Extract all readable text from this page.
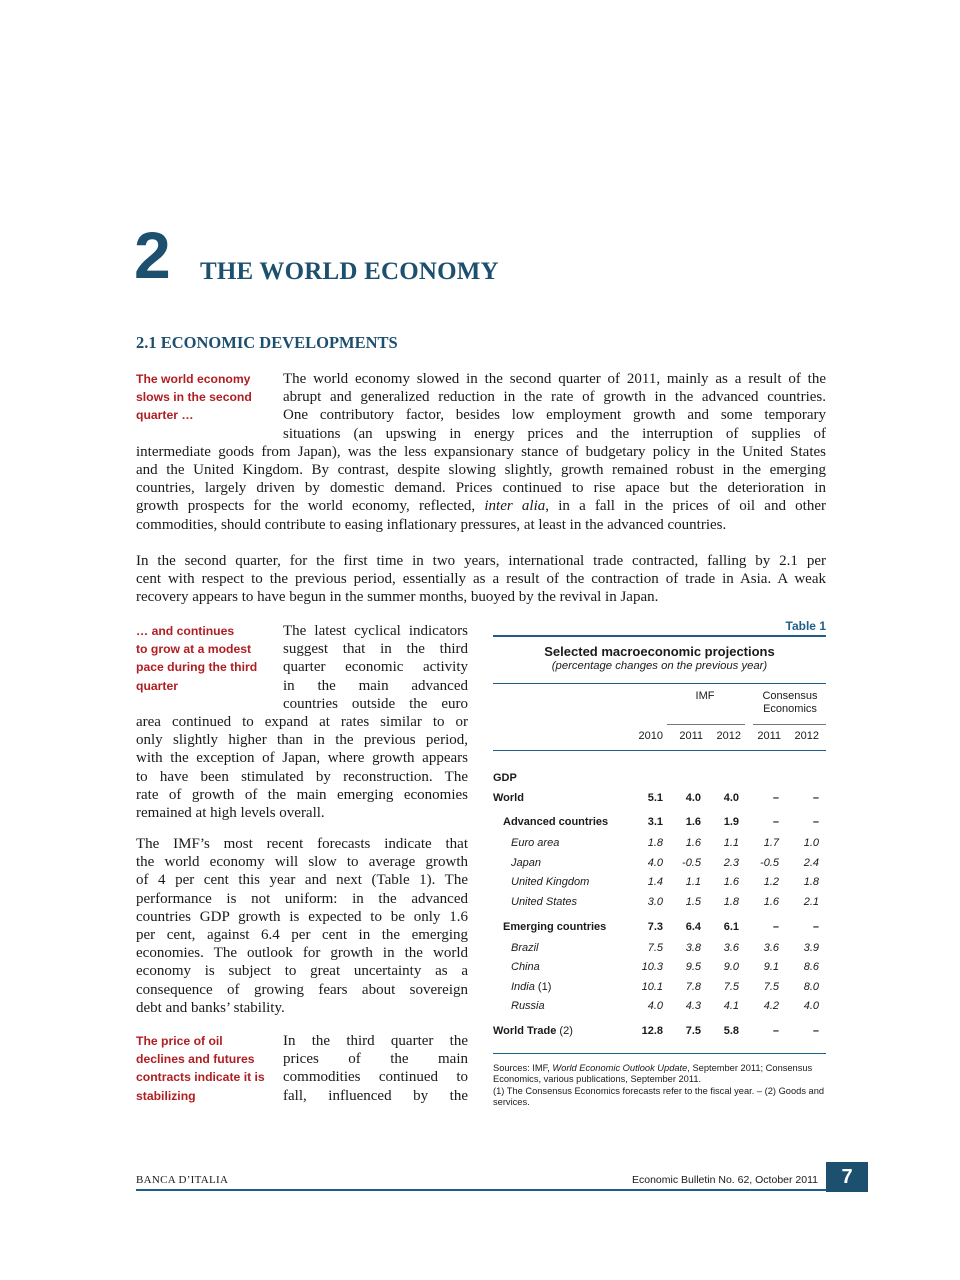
2 THE WORLD ECONOMY
2.1 ECONOMIC DEVELOPMENTS
The world economy
slows in the second
quarter …
… and continues
to grow at a modest
pace during the third
quarter
The price of oil
declines and futures
contracts indicate it is
stabilizing
The world economy slowed in the second quarter of 2011, mainly as a result of the
abrupt and generalized reduction in the rate of growth in the advanced countries.
One contributory factor, besides low employment growth and some temporary
situations (an upswing in energy prices and the interruption of supplies of
intermediate goods from Japan), was the less expansionary stance of budgetary policy in the United States
and the United Kingdom. By contrast, despite slowing slightly, growth remained robust in the emerging
countries, largely driven by domestic demand. Prices continued to rise apace but the deterioration in
growth prospects for the world economy, reflected, inter alia, in a fall in the prices of oil and other
commodities, should contribute to easing inflationary pressures, at least in the advanced countries.
In the second quarter, for the first time in two years, international trade contracted, falling by 2.1 per
cent with respect to the previous period, essentially as a result of the contraction of trade in Asia. A weak
recovery appears to have begun in the summer months, buoyed by the revival in Japan.
The latest cyclical indicators
suggest that in the third
quarter economic activity
in the main advanced
countries outside the euro
area continued to expand at rates similar to or
only slightly higher than in the previous period,
with the exception of Japan, where growth appears
to have been stimulated by reconstruction. The
rate of growth of the main emerging economies
remained at high levels overall.
The IMF’s most recent forecasts indicate that
the world economy will slow to average growth
of 4 per cent this year and next (Table 1). The
performance is not uniform: in the advanced
countries GDP growth is expected to be only 1.6
per cent, against 6.4 per cent in the emerging
economies. The outlook for growth in the world
economy is subject to great uncertainty as a
consequence of growing fears about sovereign
debt and banks’ stability.
In the third quarter the
prices of the main
commodities continued to
fall, influenced by the
Table 1
Selected macroeconomic projections
(percentage changes on the previous year)
IMF	Consensus
Economics
2010	2011	2012	2011	2012
GDP
World	5.1	4.0	4.0	–	–
Advanced countries	3.1	1.6	1.9	–	–
Euro area	1.8	1.6	1.1	1.7	1.0
Japan	4.0	-0.5	2.3	-0.5	2.4
United Kingdom	1.4	1.1	1.6	1.2	1.8
United States	3.0	1.5	1.8	1.6	2.1
Emerging countries	7.3	6.4	6.1	–	–
Brazil	7.5	3.8	3.6	3.6	3.9
China	10.3	9.5	9.0	9.1	8.6
India (1)	10.1	7.8	7.5	7.5	8.0
Russia	4.0	4.3	4.1	4.2	4.0
World Trade (2)	12.8	7.5	5.8	–	–
Sources: IMF, World Economic Outlook Update, September 2011; Consensus Economics, various publications, September 2011.
(1) The Consensus Economics forecasts refer to the fiscal year. – (2) Goods and services.
BANCA D’ITALIA	Economic Bulletin No. 62, October 2011	7
